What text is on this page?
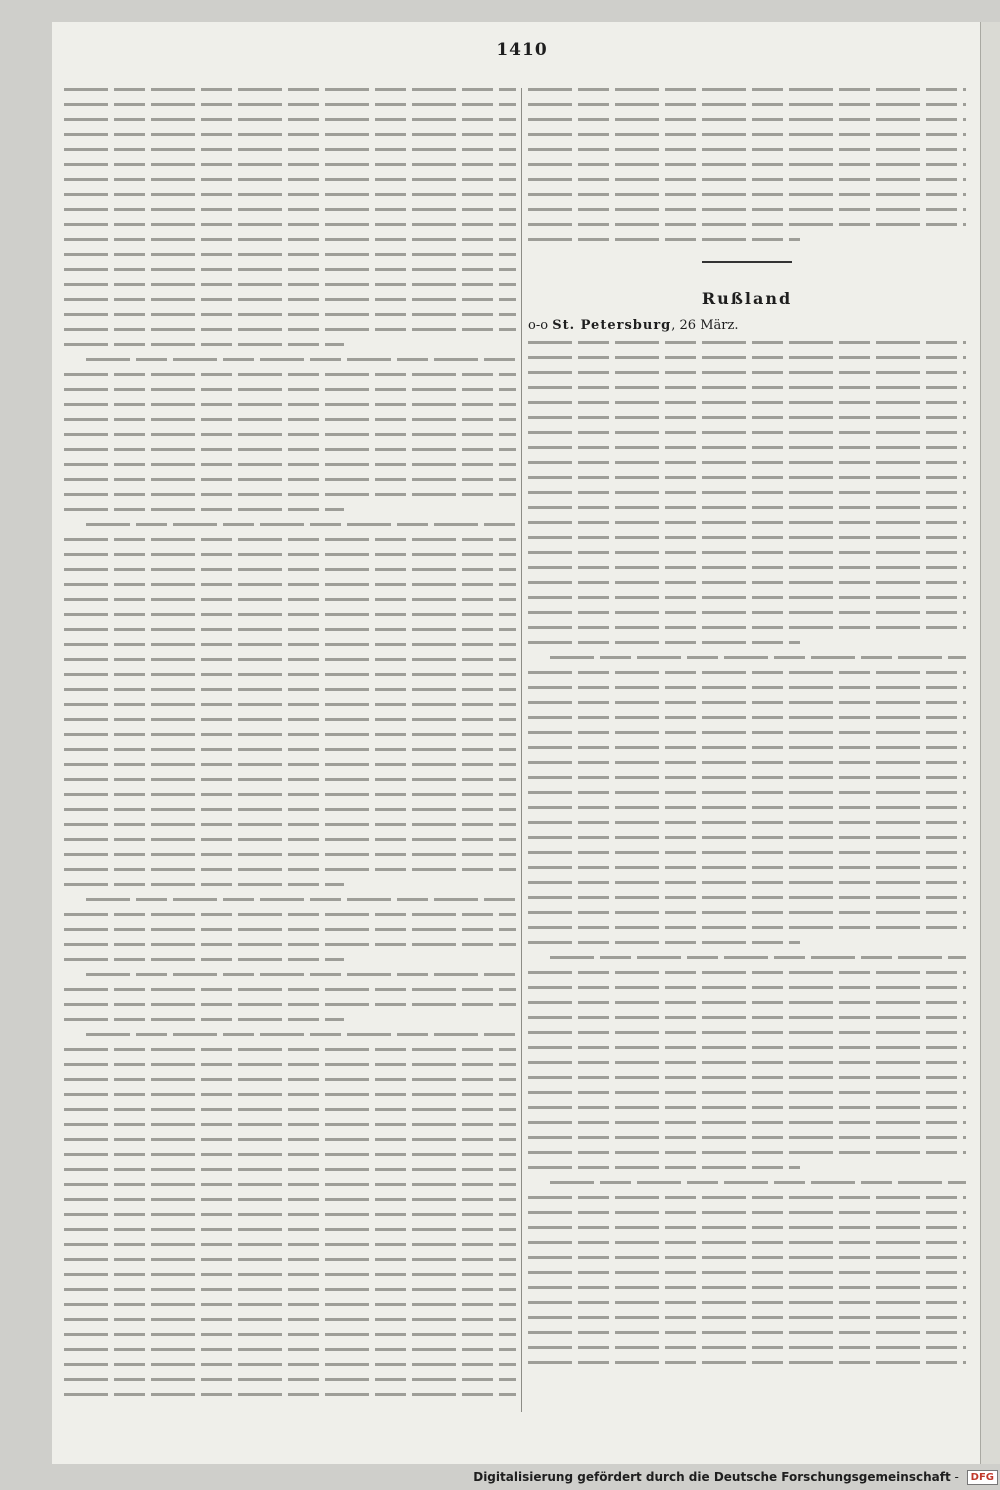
1410
Rußland
o-o St. Petersburg, 26 März.
Digitalisierung gefördert durch die Deutsche Forschungsgemeinschaft - DFG
